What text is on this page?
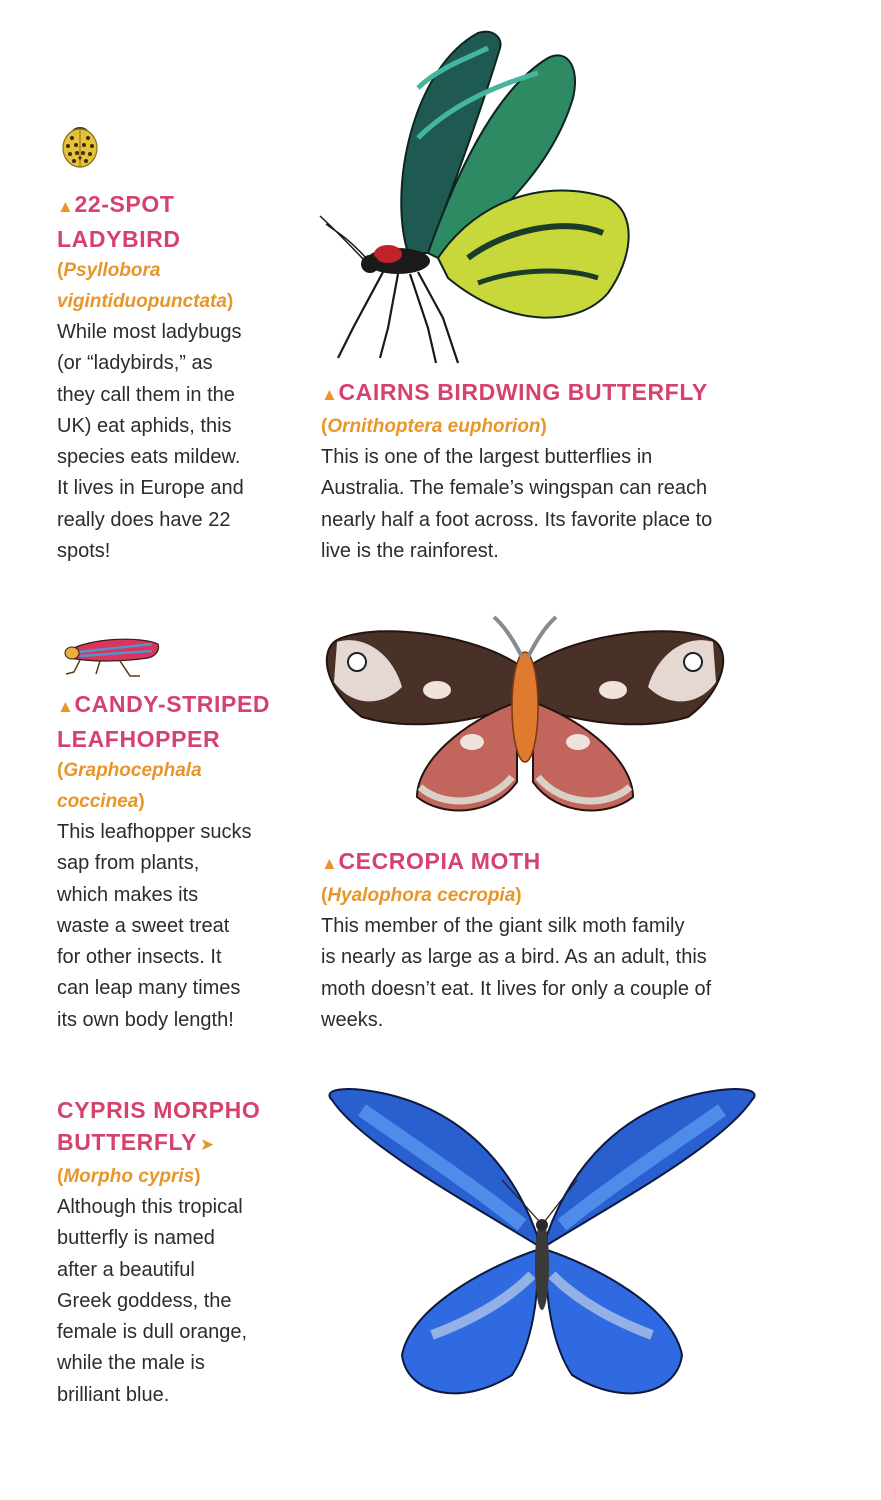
▲22-SPOT
LADYBIRD
(Psyllobora
vigintiduopunctata)
While most ladybugs
(or “ladybirds,” as
they call them in the
UK) eat aphids, this
species eats mildew.
It lives in Europe and
really does have 22
spots!
▲CAIRNS BIRDWING BUTTERFLY
(Ornithoptera euphorion)
This is one of the largest butterflies in
Australia. The female’s wingspan can reach
nearly half a foot across. Its favorite place to
live is the rainforest.
▲CANDY-STRIPED
LEAFHOPPER
(Graphocephala
coccinea)
This leafhopper sucks
sap from plants,
which makes its
waste a sweet treat
for other insects. It
can leap many times
its own body length!
▲CECROPIA MOTH
(Hyalophora cecropia)
This member of the giant silk moth family
is nearly as large as a bird. As an adult, this
moth doesn’t eat. It lives for only a couple of
weeks.
CYPRIS MORPHO
BUTTERFLY ➤
(Morpho cypris)
Although this tropical
butterfly is named
after a beautiful
Greek goddess, the
female is dull orange,
while the male is
brilliant blue.
